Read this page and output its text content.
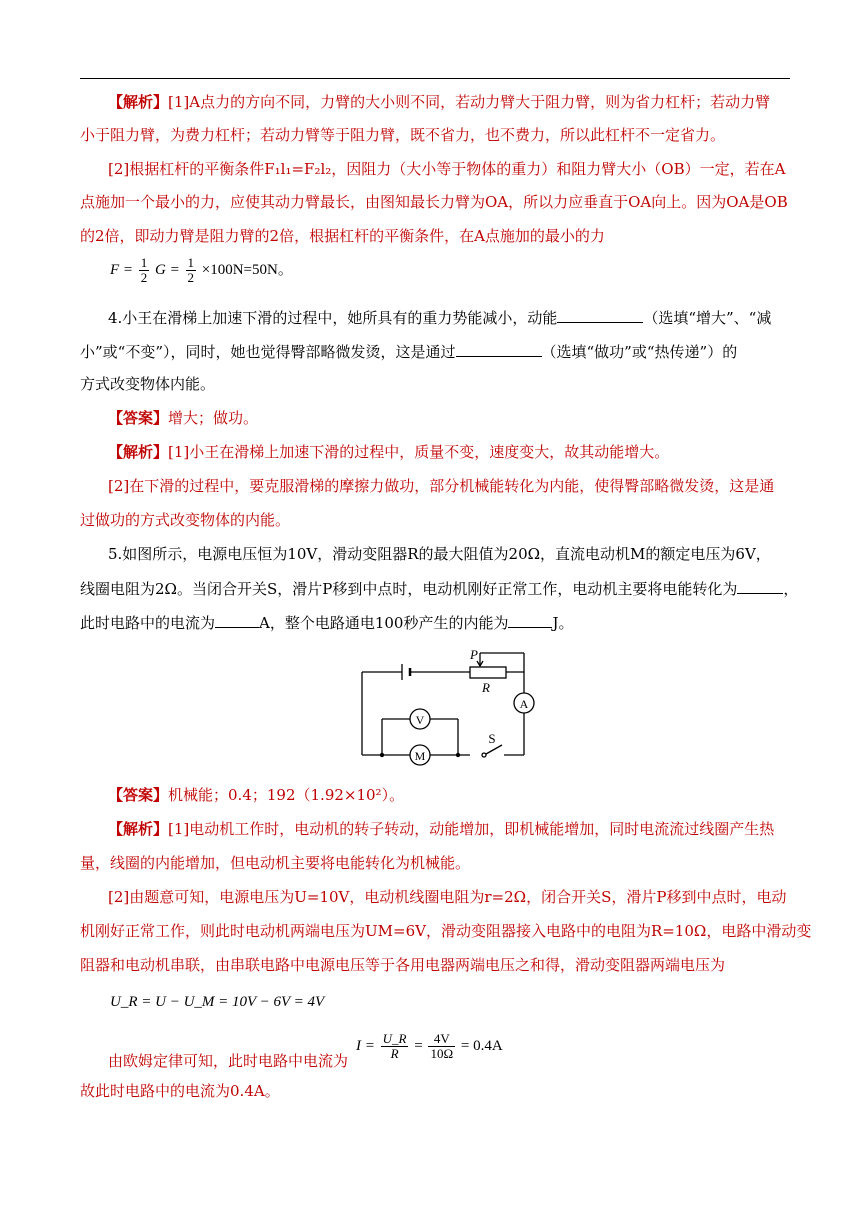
【解析】[1]A点力的方向不同，力臂的大小则不同，若动力臂大于阻力臂，则为省力杠杆；若动力臂
小于阻力臂，为费力杠杆；若动力臂等于阻力臂，既不省力，也不费力，所以此杠杆不一定省力。
[2]根据杠杆的平衡条件F₁l₁=F₂l₂，因阻力（大小等于物体的重力）和阻力臂大小（OB）一定，若在A
点施加一个最小的力，应使其动力臂最长，由图知最长力臂为OA，所以力应垂直于OA向上。因为OA是OB
的2倍，即动力臂是阻力臂的2倍，根据杠杆的平衡条件，在A点施加的最小的力
$F = \frac{1}{2}$ $G = \frac{1}{2} \times 100N=50N$。
4.小王在滑梯上加速下滑的过程中，她所具有的重力势能减小，动能	（选填“增大”、“减
小”或“不变”），同时，她也觉得臀部略微发烫，这是通过	（选填“做功”或“热传递”）的
方式改变物体内能。
【答案】增大；做功。
【解析】[1]小王在滑梯上加速下滑的过程中，质量不变，速度变大，故其动能增大。
[2]在下滑的过程中，要克服滑梯的摩擦力做功，部分机械能转化为内能，使得臀部略微发烫，这是通
过做功的方式改变物体的内能。
5.如图所示，电源电压恒为10V，滑动变阻器R的最大阻值为20Ω，直流电动机M的额定电压为6V，
线圈电阻为2Ω。当闭合开关S，滑片P移到中点时，电动机刚好正常工作，电动机主要将电能转化为	，
此时电路中的电流为	A，整个电路通电100秒产生的内能为	J。
P
R
A
V
M
S
【答案】机械能；0.4；192（1.92×10²）。
【解析】[1]电动机工作时，电动机的转子转动，动能增加，即机械能增加，同时电流流过线圈产生热
量，线圈的内能增加，但电动机主要将电能转化为机械能。
[2]由题意可知，电源电压为U=10V，电动机线圈电阻为r=2Ω，闭合开关S，滑片P移到中点时，电动
机刚好正常工作，则此时电动机两端电压为UM=6V，滑动变阻器接入电路中的电阻为R=10Ω，电路中滑动变
阻器和电动机串联，由串联电路中电源电压等于各用电器两端电压之和得，滑动变阻器两端电压为
U_R = U − U_M = 10V − 6V = 4V
由欧姆定律可知，此时电路中电流为
$I = \frac{U\_R}{R} = \frac{4V}{10\Omega} = 0.4A$
故此时电路中的电流为0.4A。
